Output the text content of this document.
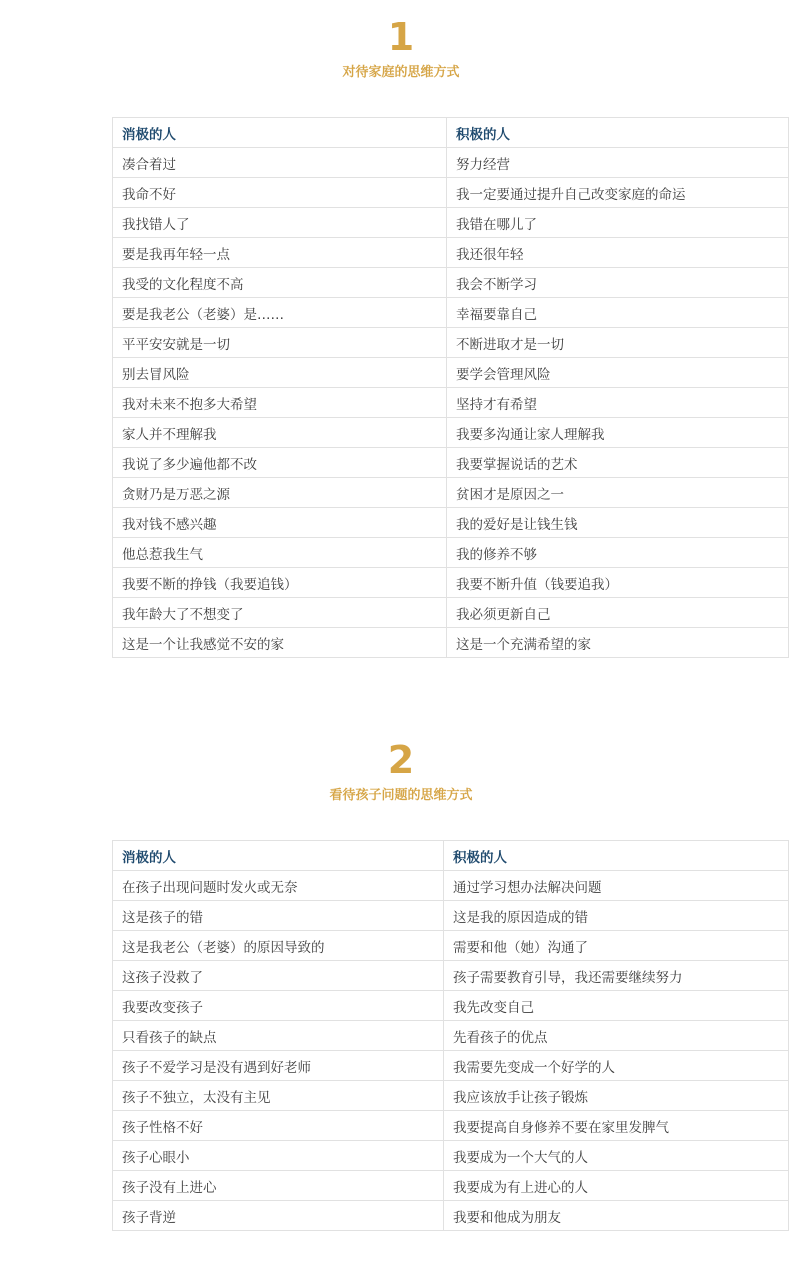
1
对待家庭的思维方式
消极的人	积极的人
凑合着过	努力经营
我命不好	我一定要通过提升自己改变家庭的命运
我找错人了	我错在哪儿了
要是我再年轻一点	我还很年轻
我受的文化程度不高	我会不断学习
要是我老公（老婆）是……	幸福要靠自己
平平安安就是一切	不断进取才是一切
别去冒风险	要学会管理风险
我对未来不抱多大希望	坚持才有希望
家人并不理解我	我要多沟通让家人理解我
我说了多少遍他都不改	我要掌握说话的艺术
贪财乃是万恶之源	贫困才是原因之一
我对钱不感兴趣	我的爱好是让钱生钱
他总惹我生气	我的修养不够
我要不断的挣钱（我要追钱）	我要不断升值（钱要追我）
我年龄大了不想变了	我必须更新自己
这是一个让我感觉不安的家	这是一个充满希望的家
2
看待孩子问题的思维方式
消极的人	积极的人
在孩子出现问题时发火或无奈	通过学习想办法解决问题
这是孩子的错	这是我的原因造成的错
这是我老公（老婆）的原因导致的	需要和他（她）沟通了
这孩子没救了	孩子需要教育引导，我还需要继续努力
我要改变孩子	我先改变自己
只看孩子的缺点	先看孩子的优点
孩子不爱学习是没有遇到好老师	我需要先变成一个好学的人
孩子不独立，太没有主见	我应该放手让孩子锻炼
孩子性格不好	我要提高自身修养不要在家里发脾气
孩子心眼小	我要成为一个大气的人
孩子没有上进心	我要成为有上进心的人
孩子背逆	我要和他成为朋友
